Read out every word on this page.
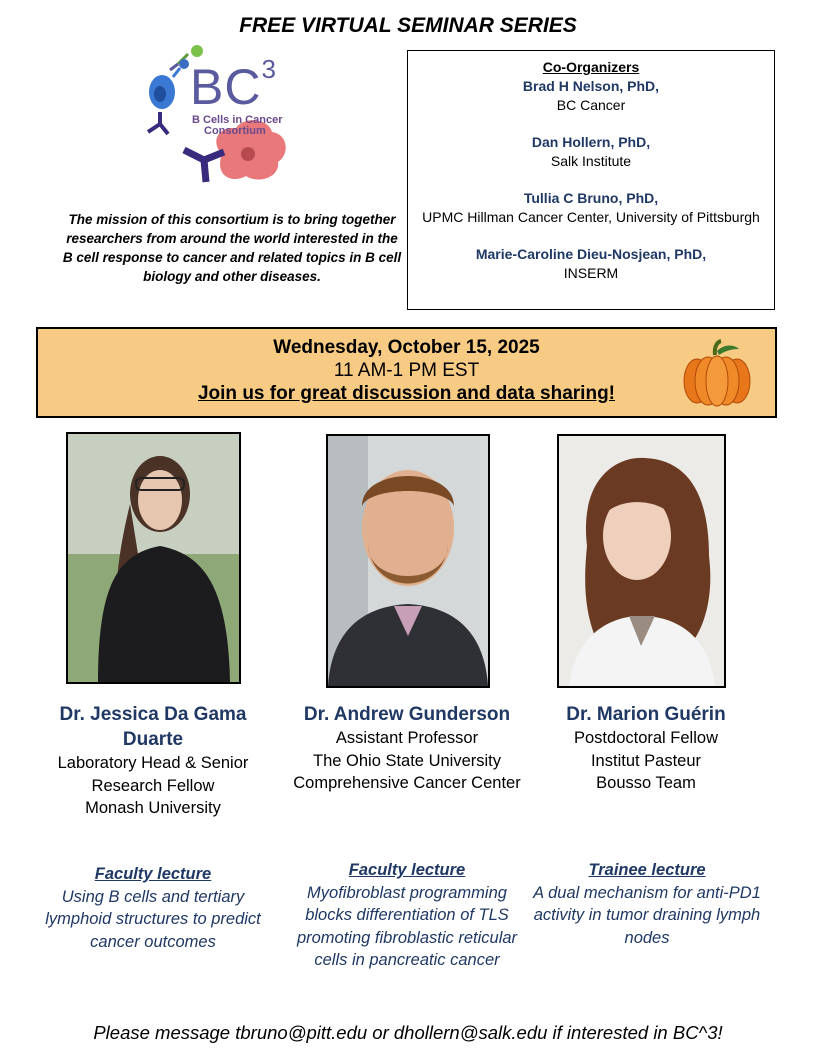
FREE VIRTUAL SEMINAR SERIES
$BC^3$
B Cells in Cancer
Consortium
The mission of this consortium is to bring together researchers from around the world interested in the B cell response to cancer and related topics in B cell biology and other diseases.
Co-Organizers
Brad H Nelson, PhD,
BC Cancer
Dan Hollern, PhD,
Salk Institute
Tullia C Bruno, PhD,
UPMC Hillman Cancer Center, University of Pittsburgh
Marie-Caroline Dieu-Nosjean, PhD,
INSERM
Wednesday, October 15, 2025
11 AM-1 PM EST
Join us for great discussion and data sharing!
Dr. Jessica Da Gama Duarte
Laboratory Head & Senior Research Fellow
Monash University
Dr. Andrew Gunderson
Assistant Professor
The Ohio State University Comprehensive Cancer Center
Dr. Marion Guérin
Postdoctoral Fellow
Institut Pasteur
Bousso Team
Faculty lecture
Using B cells and tertiary lymphoid structures to predict cancer outcomes
Faculty lecture
Myofibroblast programming blocks differentiation of TLS promoting fibroblastic reticular cells in pancreatic cancer
Trainee lecture
A dual mechanism for anti-PD1 activity in tumor draining lymph nodes
Please message tbruno@pitt.edu or dhollern@salk.edu if interested in BC^3!
